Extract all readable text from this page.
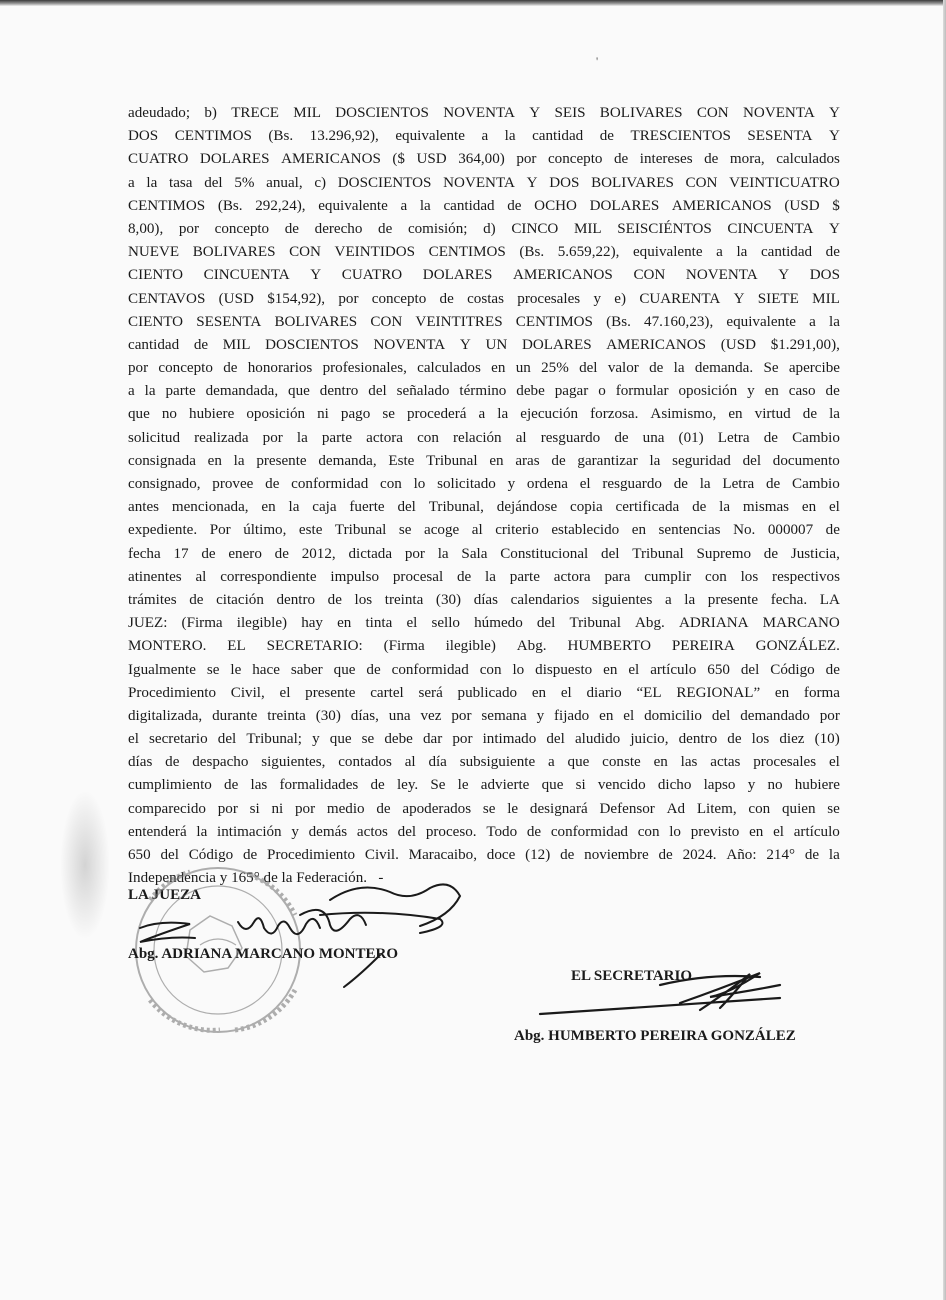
'
adeudado; b) TRECE MIL DOSCIENTOS NOVENTA Y SEIS BOLIVARES CON NOVENTA Y
DOS CENTIMOS (Bs. 13.296,92), equivalente a la cantidad de TRESCIENTOS SESENTA Y
CUATRO DOLARES AMERICANOS ($ USD 364,00) por concepto de intereses de mora, calculados
a la tasa del 5% anual, c) DOSCIENTOS NOVENTA Y DOS BOLIVARES CON VEINTICUATRO
CENTIMOS (Bs. 292,24), equivalente a la cantidad de OCHO DOLARES AMERICANOS (USD $
8,00), por concepto de derecho de comisión; d) CINCO MIL SEISCIÉNTOS CINCUENTA Y
NUEVE BOLIVARES CON VEINTIDOS CENTIMOS (Bs. 5.659,22), equivalente a la cantidad de
CIENTO CINCUENTA Y CUATRO DOLARES AMERICANOS CON NOVENTA Y DOS
CENTAVOS (USD $154,92), por concepto de costas procesales y e) CUARENTA Y SIETE MIL
CIENTO SESENTA BOLIVARES CON VEINTITRES CENTIMOS (Bs. 47.160,23), equivalente a la
cantidad de MIL DOSCIENTOS NOVENTA Y UN DOLARES AMERICANOS (USD $1.291,00),
por concepto de honorarios profesionales, calculados en un 25% del valor de la demanda. Se apercibe
a la parte demandada, que dentro del señalado término debe pagar o formular oposición y en caso de
que no hubiere oposición ni pago se procederá a la ejecución forzosa. Asimismo, en virtud de la
solicitud realizada por la parte actora con relación al resguardo de una (01) Letra de Cambio
consignada en la presente demanda, Este Tribunal en aras de garantizar la seguridad del documento
consignado, provee de conformidad con lo solicitado y ordena el resguardo de la Letra de Cambio
antes mencionada, en la caja fuerte del Tribunal, dejándose copia certificada de la mismas en el
expediente. Por último, este Tribunal se acoge al criterio establecido en sentencias No. 000007 de
fecha 17 de enero de 2012, dictada por la Sala Constitucional del Tribunal Supremo de Justicia,
atinentes al correspondiente impulso procesal de la parte actora para cumplir con los respectivos
trámites de citación dentro de los treinta (30) días calendarios siguientes a la presente fecha. LA
JUEZ: (Firma ilegible) hay en tinta el sello húmedo del Tribunal Abg. ADRIANA MARCANO
MONTERO. EL SECRETARIO: (Firma ilegible) Abg. HUMBERTO PEREIRA GONZÁLEZ.
Igualmente se le hace saber que de conformidad con lo dispuesto en el artículo 650 del Código de
Procedimiento Civil, el presente cartel será publicado en el diario “EL REGIONAL” en forma
digitalizada, durante treinta (30) días, una vez por semana y fijado en el domicilio del demandado por
el secretario del Tribunal; y que se debe dar por intimado del aludido juicio, dentro de los diez (10)
días de despacho siguientes, contados al día subsiguiente a que conste en las actas procesales el
cumplimiento de las formalidades de ley. Se le advierte que si vencido dicho lapso y no hubiere
comparecido por si ni por medio de apoderados se le designará Defensor Ad Litem, con quien se
entenderá la intimación y demás actos del proceso. Todo de conformidad con lo previsto en el artículo
650 del Código de Procedimiento Civil. Maracaibo, doce (12) de noviembre de 2024. Año: 214° de la
Independencia y 165° de la Federación.   -
LA JUEZA
Abg. ADRIANA MARCANO MONTERO
EL SECRETARIO
Abg. HUMBERTO PEREIRA GONZÁLEZ
